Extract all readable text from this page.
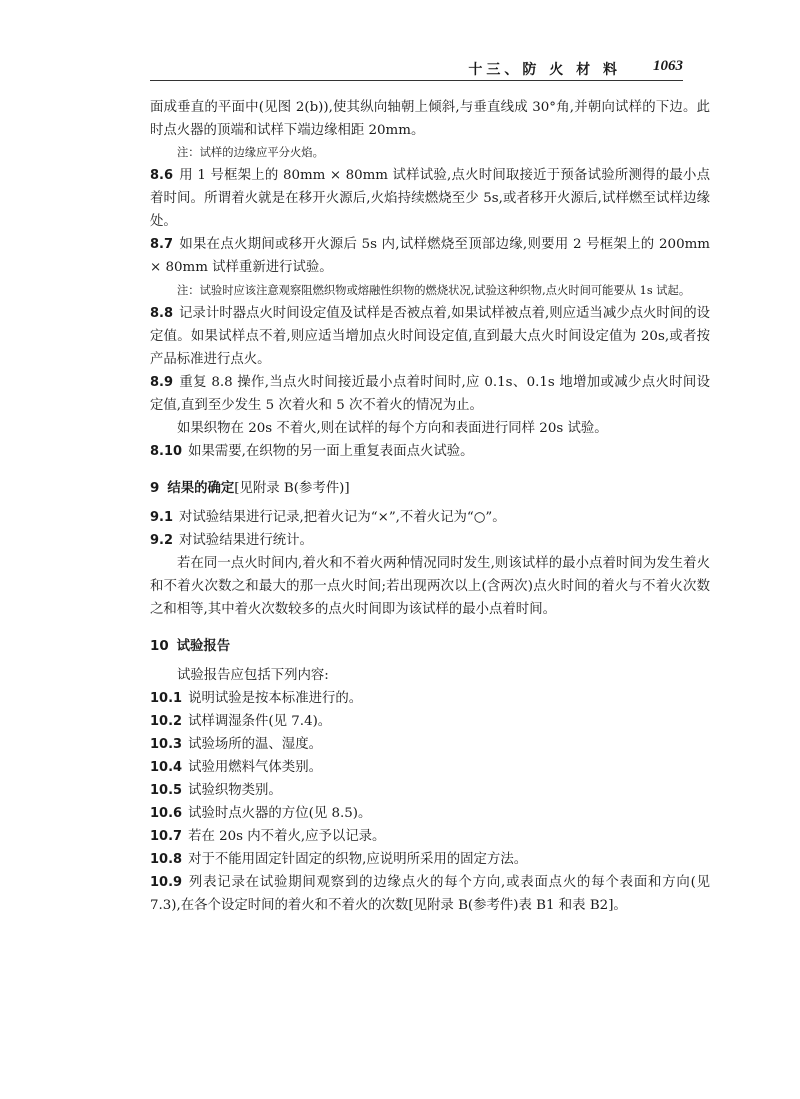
十三、防 火 材 料 1063

面成垂直的平面中(见图 2(b)),使其纵向轴朝上倾斜,与垂直线成 30°角,并朝向试样的下边。此时点火器的顶端和试样下端边缘相距 20mm。

注：试样的边缘应平分火焰。

8.6 用 1 号框架上的 80mm × 80mm 试样试验,点火时间取接近于预备试验所测得的最小点着时间。所谓着火就是在移开火源后,火焰持续燃烧至少 5s,或者移开火源后,试样燃至试样边缘处。

8.7 如果在点火期间或移开火源后 5s 内,试样燃烧至顶部边缘,则要用 2 号框架上的 200mm × 80mm 试样重新进行试验。

注：试验时应该注意观察阻燃织物或熔融性织物的燃烧状况,试验这种织物,点火时间可能要从 1s 试起。

8.8 记录计时器点火时间设定值及试样是否被点着,如果试样被点着,则应适当减少点火时间的设定值。如果试样点不着,则应适当增加点火时间设定值,直到最大点火时间设定值为 20s,或者按产品标准进行点火。

8.9 重复 8.8 操作,当点火时间接近最小点着时间时,应 0.1s、0.1s 地增加或减少点火时间设定值,直到至少发生 5 次着火和 5 次不着火的情况为止。

如果织物在 20s 不着火,则在试样的每个方向和表面进行同样 20s 试验。

8.10 如果需要,在织物的另一面上重复表面点火试验。

9 结果的确定[见附录 B(参考件)]

9.1 对试验结果进行记录,把着火记为“×”,不着火记为“○”。

9.2 对试验结果进行统计。

若在同一点火时间内,着火和不着火两种情况同时发生,则该试样的最小点着时间为发生着火和不着火次数之和最大的那一点火时间;若出现两次以上(含两次)点火时间的着火与不着火次数之和相等,其中着火次数较多的点火时间即为该试样的最小点着时间。

10 试验报告

试验报告应包括下列内容:

10.1 说明试验是按本标准进行的。

10.2 试样调湿条件(见 7.4)。

10.3 试验场所的温、湿度。

10.4 试验用燃料气体类别。

10.5 试验织物类别。

10.6 试验时点火器的方位(见 8.5)。

10.7 若在 20s 内不着火,应予以记录。

10.8 对于不能用固定针固定的织物,应说明所采用的固定方法。

10.9 列表记录在试验期间观察到的边缘点火的每个方向,或表面点火的每个表面和方向(见 7.3),在各个设定时间的着火和不着火的次数[见附录 B(参考件)表 B1 和表 B2]。
